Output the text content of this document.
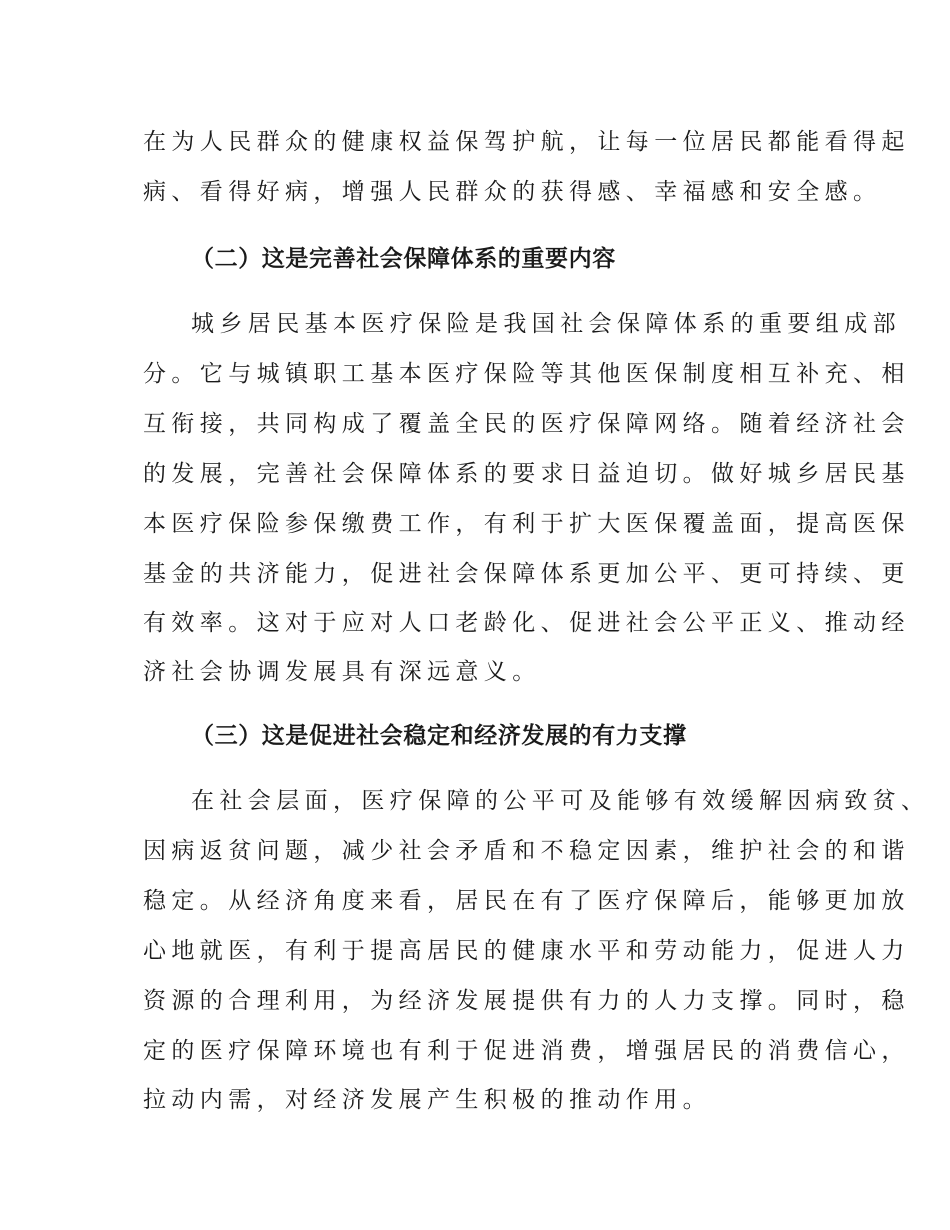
在为人民群众的健康权益保驾护航，让每一位居民都能看得起
病、看得好病，增强人民群众的获得感、幸福感和安全感。
（二）这是完善社会保障体系的重要内容
城乡居民基本医疗保险是我国社会保障体系的重要组成部
分。它与城镇职工基本医疗保险等其他医保制度相互补充、相
互衔接，共同构成了覆盖全民的医疗保障网络。随着经济社会
的发展，完善社会保障体系的要求日益迫切。做好城乡居民基
本医疗保险参保缴费工作，有利于扩大医保覆盖面，提高医保
基金的共济能力，促进社会保障体系更加公平、更可持续、更
有效率。这对于应对人口老龄化、促进社会公平正义、推动经
济社会协调发展具有深远意义。
（三）这是促进社会稳定和经济发展的有力支撑
在社会层面，医疗保障的公平可及能够有效缓解因病致贫、
因病返贫问题，减少社会矛盾和不稳定因素，维护社会的和谐
稳定。从经济角度来看，居民在有了医疗保障后，能够更加放
心地就医，有利于提高居民的健康水平和劳动能力，促进人力
资源的合理利用，为经济发展提供有力的人力支撑。同时，稳
定的医疗保障环境也有利于促进消费，增强居民的消费信心，
拉动内需，对经济发展产生积极的推动作用。
